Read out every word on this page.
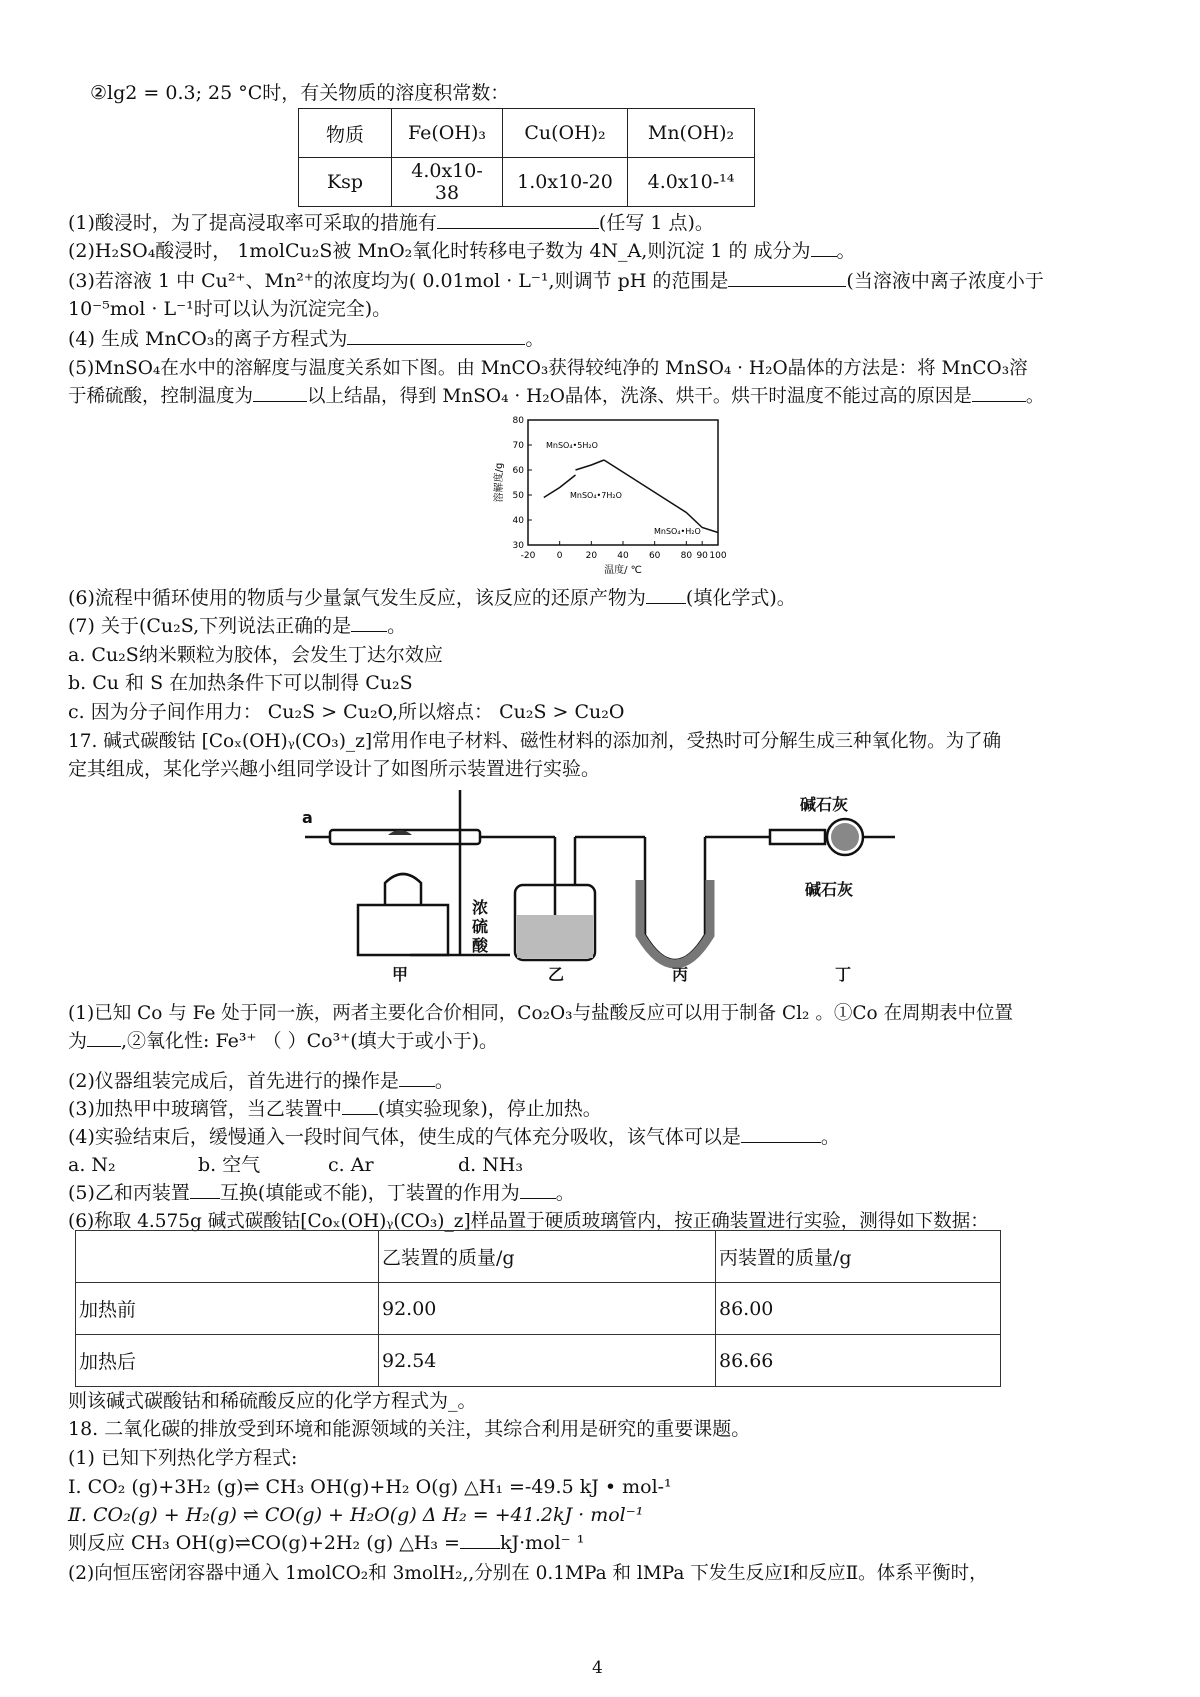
②lg2 = 0.3; 25 °C时，有关物质的溶度积常数：
物质	Fe(OH)₃	Cu(OH)₂	Mn(OH)₂
Ksp	4.0x10-38	1.0x10-20	4.0x10-¹⁴
(1)酸浸时，为了提高浸取率可采取的措施有	(任写 1 点)。
(2)H₂SO₄酸浸时， 1molCu₂S被 MnO₂氧化时转移电子数为 4N_A,则沉淀 1 的 成分为 。
(3)若溶液 1 中 Cu²⁺、Mn²⁺的浓度均为( 0.01mol · L⁻¹,则调节 pH 的范围是	(当溶液中离子浓度小于
10⁻⁵mol · L⁻¹时可以认为沉淀完全)。
(4) 生成 MnCO₃的离子方程式为	。
(5)MnSO₄在水中的溶解度与温度关系如下图。由 MnCO₃获得较纯净的 MnSO₄ · H₂O晶体的方法是：将 MnCO₃溶
于稀硫酸，控制温度为	以上结晶，得到 MnSO₄ · H₂O晶体，洗涤、烘干。烘干时温度不能过高的原因是	。
-20 0	20 40 60 80 90 100
30
40
50
60
70
80
温度/ ℃
溶解度/g
MnSO₄•5H₂O
MnSO₄•7H₂O
MnSO₄•H₂O
(6)流程中循环使用的物质与少量氯气发生反应，该反应的还原产物为 (填化学式)。
(7) 关于(Cu₂S,下列说法正确的是 。
a. Cu₂S纳米颗粒为胶体，会发生丁达尔效应
b. Cu 和 S 在加热条件下可以制得 Cu₂S
c. 因为分子间作用力： Cu₂S > Cu₂O,所以熔点： Cu₂S > Cu₂O
17. 碱式碳酸钴 [Coₓ(OH)ᵧ(CO₃)_z]常用作电子材料、磁性材料的添加剂，受热时可分解生成三种氧化物。为了确
定其组成，某化学兴趣小组同学设计了如图所示装置进行实验。
a
浓 硫 酸
碱石灰
碱石灰
甲	乙	丙	丁
(1)已知 Co 与 Fe 处于同一族，两者主要化合价相同，Co₂O₃与盐酸反应可以用于制备 Cl₂ 。①Co 在周期表中位置
为 ,②氧化性: Fe³⁺ （ ）Co³⁺(填大于或小于)。
(2)仪器组装完成后，首先进行的操作是 。
(3)加热甲中玻璃管，当乙装置中 (填实验现象)，停止加热。
(4)实验结束后，缓慢通入一段时间气体，使生成的气体充分吸收，该气体可以是	。
a. N₂	b. 空气	c. Ar	d. NH₃
(5)乙和丙装置 互换(填能或不能)，丁装置的作用为 。
(6)称取 4.575g 碱式碳酸钴[Coₓ(OH)ᵧ(CO₃)_z]样品置于硬质玻璃管内，按正确装置进行实验，测得如下数据：
	乙装置的质量/g	丙装置的质量/g
加热前	92.00	86.00
加热后	92.54	86.66
则该碱式碳酸钴和稀硫酸反应的化学方程式为_。
18. 二氧化碳的排放受到环境和能源领域的关注，其综合利用是研究的重要课题。
(1) 已知下列热化学方程式:
I. CO₂ (g)+3H₂ (g)⇌ CH₃ OH(g)+H₂ O(g) △H₁ =-49.5 kJ • mol-¹
Ⅱ. CO₂(g) + H₂(g) ⇌ CO(g) + H₂O(g) Δ H₂ = +41.2kJ · mol⁻¹
则反应 CH₃ OH(g)⇌CO(g)+2H₂ (g) △H₃ = kJ·mol⁻ ¹
(2)向恒压密闭容器中通入 1molCO₂和 3molH₂,,分别在 0.1MPa 和 lMPa 下发生反应Ⅰ和反应Ⅱ。体系平衡时，
4
